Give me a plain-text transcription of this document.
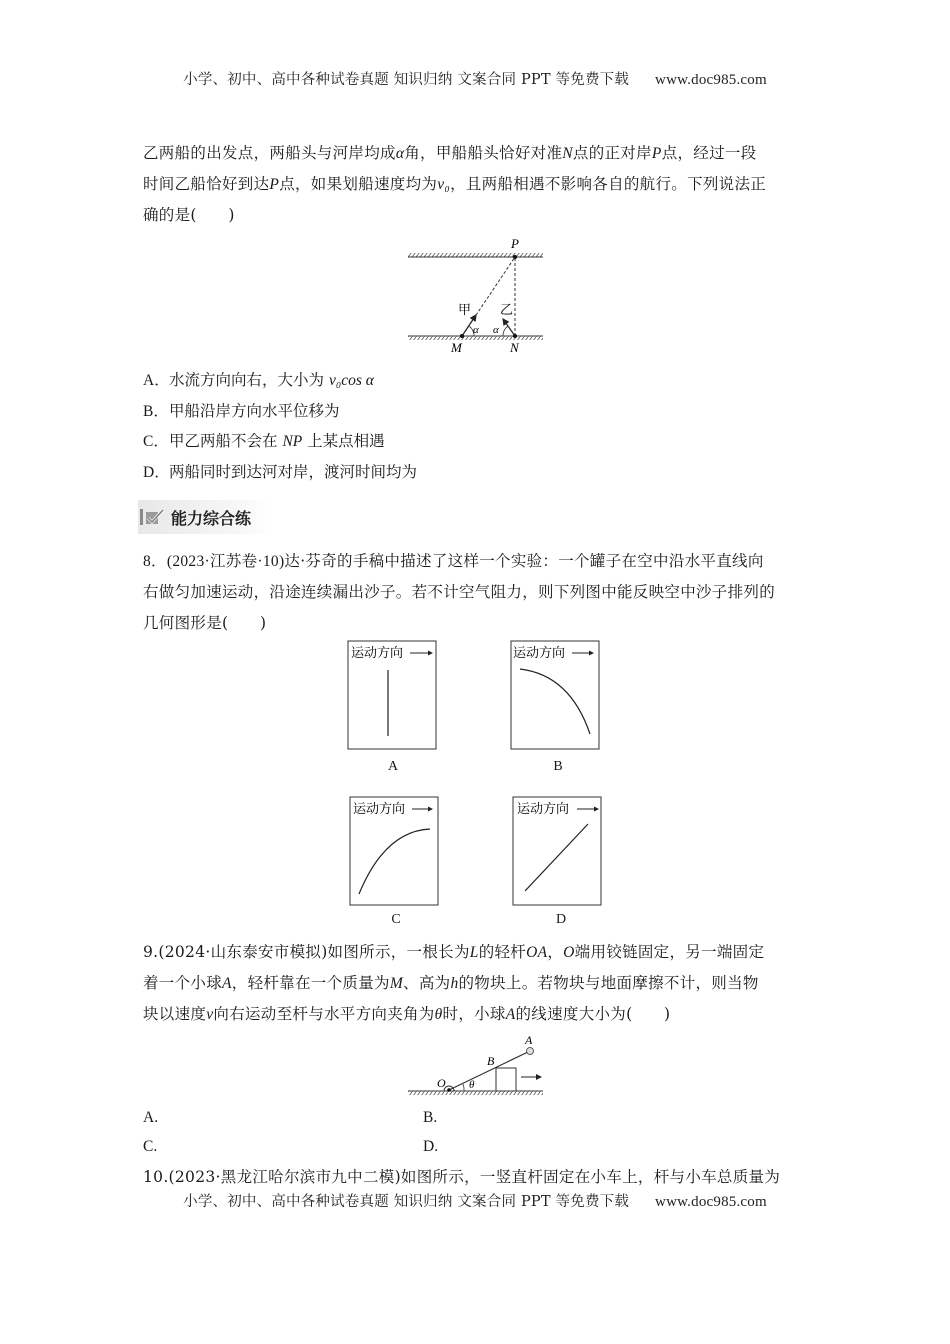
小学、初中、高中各种试卷真题 知识归纳 文案合同 PPT 等免费下载 www.doc985.com
乙两船的出发点，两船头与河岸均成α角，甲船船头恰好对准N点的正对岸P点，经过一段
时间乙船恰好到达P点，如果划船速度均为v₀，且两船相遇不影响各自的航行。下列说法正
确的是(　　)
P
M	N
甲 乙
α α
A．水流方向向右，大小为 v₀cos α
B．甲船沿岸方向水平位移为
C．甲乙两船不会在 NP 上某点相遇
D．两船同时到达河对岸，渡河时间均为
能力综合练
8．(2023·江苏卷·10)达·芬奇的手稿中描述了这样一个实验：一个罐子在空中沿水平直线向
右做匀加速运动，沿途连续漏出沙子。若不计空气阻力，则下列图中能反映空中沙子排列的
几何图形是(　　)
运动方向	运动方向
运动方向	运动方向
A	B
C	D
9.(2024·山东泰安市模拟)如图所示，一根长为L的轻杆OA，O端用铰链固定，另一端固定
着一个小球A，轻杆靠在一个质量为M、高为h的物块上。若物块与地面摩擦不计，则当物
块以速度v向右运动至杆与水平方向夹角为θ时，小球A的线速度大小为(　　)
A
B
O θ
A.	B.
C.	D.
10.(2023·黑龙江哈尔滨市九中二模)如图所示，一竖直杆固定在小车上，杆与小车总质量为
小学、初中、高中各种试卷真题 知识归纳 文案合同 PPT 等免费下载 www.doc985.com
